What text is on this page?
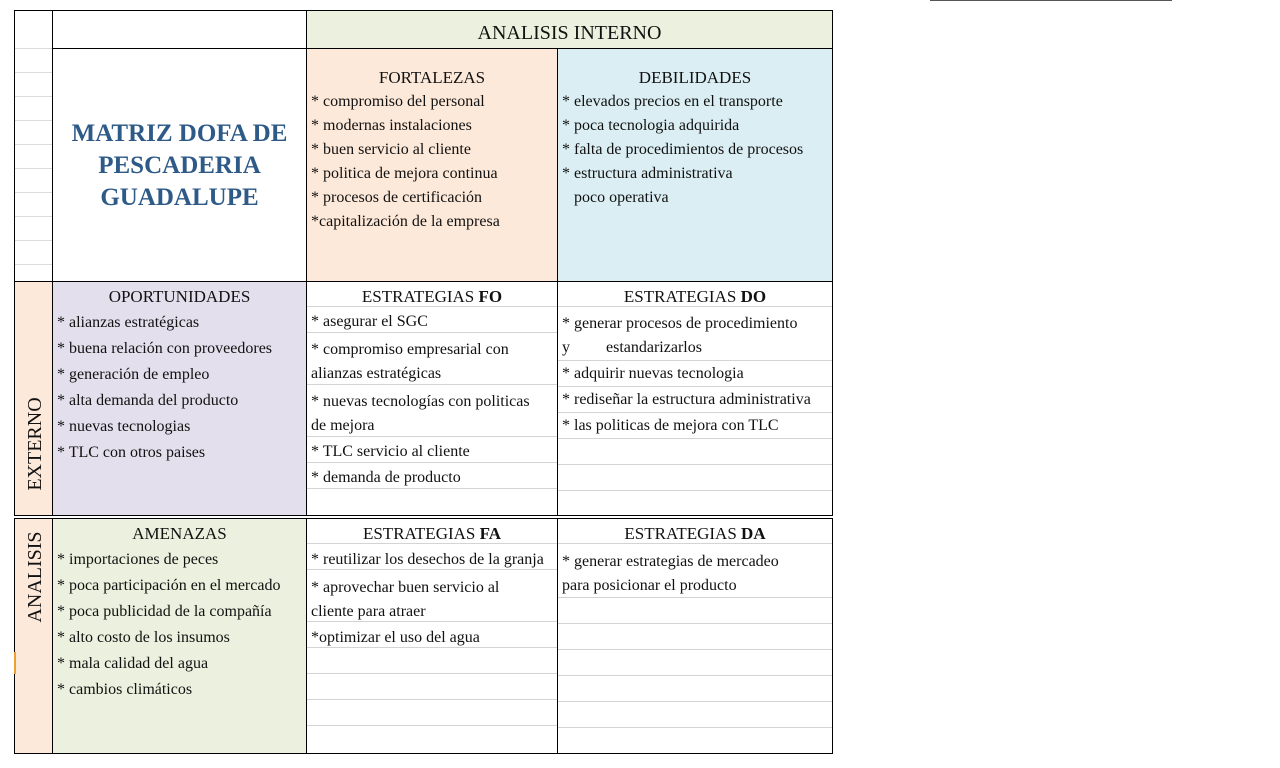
ANALISIS INTERNO
MATRIZ DOFA DE
PESCADERIA
GUADALUPE
FORTALEZAS
* compromiso del personal
* modernas instalaciones
* buen servicio al cliente
* politica de mejora continua
* procesos de certificación
*capitalización de la empresa
DEBILIDADES
* elevados precios en el transporte
* poca tecnologia adquirida
* falta de procedimientos de procesos
* estructura administrativa
poco operativa
EXTERNO
ANALISIS
OPORTUNIDADES
* alianzas estratégicas
* buena relación con proveedores
* generación de empleo
* alta demanda del producto
* nuevas tecnologias
* TLC con otros paises
ESTRATEGIAS FO
* asegurar el SGC
* compromiso empresarial con
alianzas estratégicas
* nuevas tecnologías con politicas
de mejora
* TLC servicio al cliente
* demanda de producto
ESTRATEGIAS DO
* generar procesos de procedimiento
y         estandarizarlos
* adquirir nuevas tecnologia
* rediseñar la estructura administrativa
* las politicas de mejora con TLC
AMENAZAS
* importaciones de peces
* poca participación en el mercado
* poca publicidad de la compañía
* alto costo de los insumos
* mala calidad del agua
* cambios climáticos
ESTRATEGIAS FA
* reutilizar los desechos de la granja
* aprovechar buen servicio al
cliente para atraer
*optimizar el uso del agua
ESTRATEGIAS DA
* generar estrategias de mercadeo
para posicionar el producto
